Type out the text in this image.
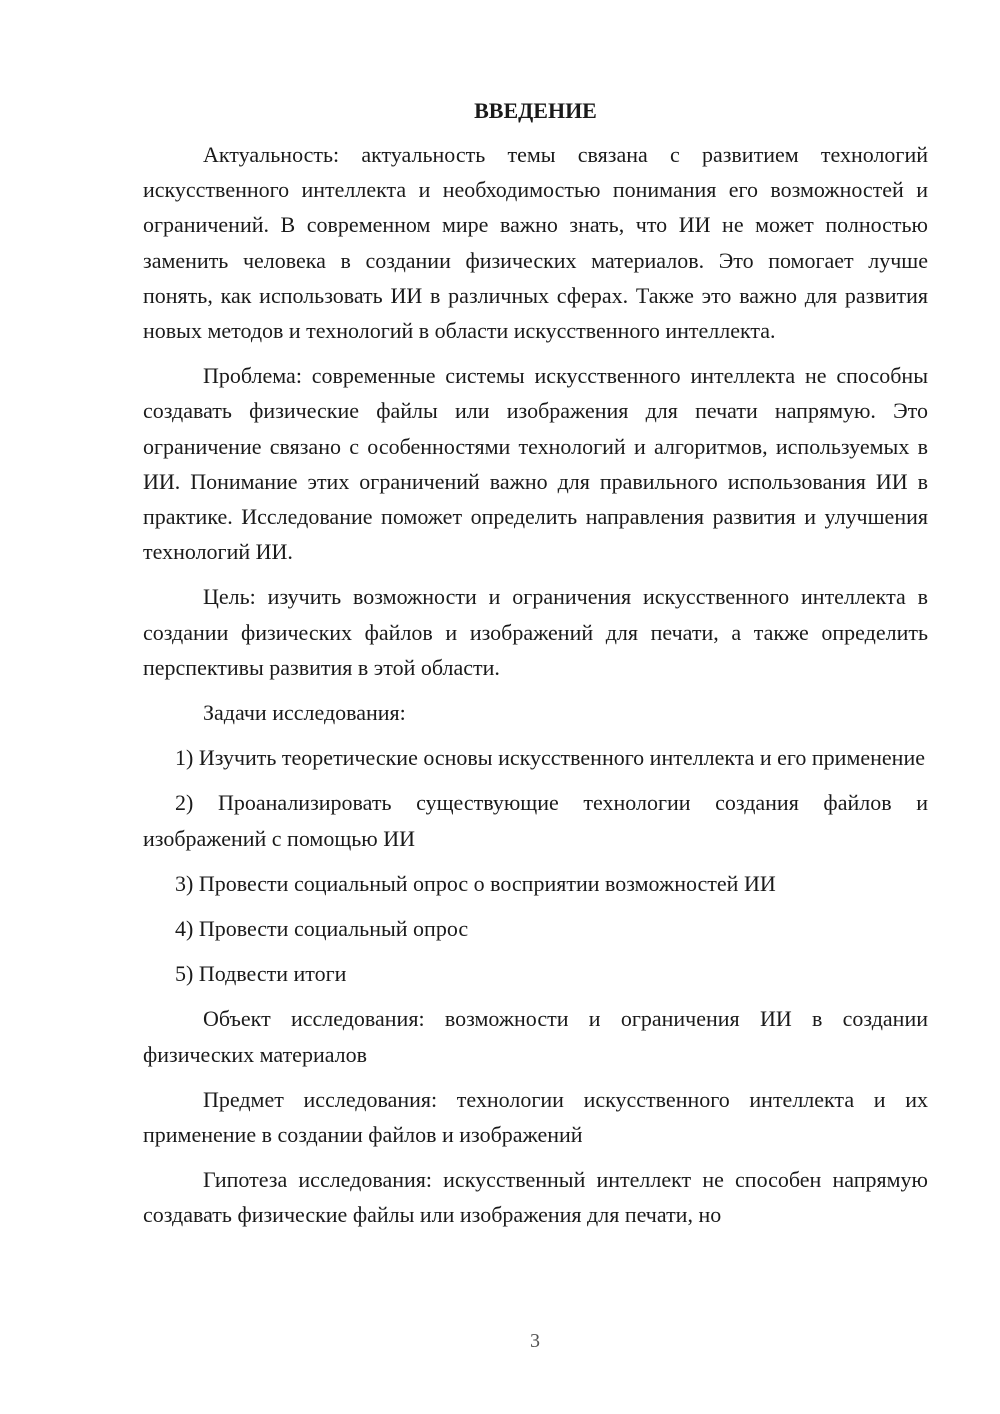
ВВЕДЕНИЕ

Актуальность: актуальность темы связана с развитием технологий искусственного интеллекта и необходимостью понимания его возможностей и ограничений. В современном мире важно знать, что ИИ не может полностью заменить человека в создании физических материалов. Это помогает лучше понять, как использовать ИИ в различных сферах. Также это важно для развития новых методов и технологий в области искусственного интеллекта.

Проблема: современные системы искусственного интеллекта не способны создавать физические файлы или изображения для печати напрямую. Это ограничение связано с особенностями технологий и алгоритмов, используемых в ИИ. Понимание этих ограничений важно для правильного использования ИИ в практике. Исследование поможет определить направления развития и улучшения технологий ИИ.

Цель: изучить возможности и ограничения искусственного интеллекта в создании физических файлов и изображений для печати, а также определить перспективы развития в этой области.

Задачи исследования:

1) Изучить теоретические основы искусственного интеллекта и его применение

2) Проанализировать существующие технологии создания файлов и изображений с помощью ИИ

3) Провести социальный опрос о восприятии возможностей ИИ

4) Провести социальный опрос

5) Подвести итоги

Объект исследования: возможности и ограничения ИИ в создании физических материалов

Предмет исследования: технологии искусственного интеллекта и их применение в создании файлов и изображений

Гипотеза исследования: искусственный интеллект не способен напрямую создавать физические файлы или изображения для печати, но

3
